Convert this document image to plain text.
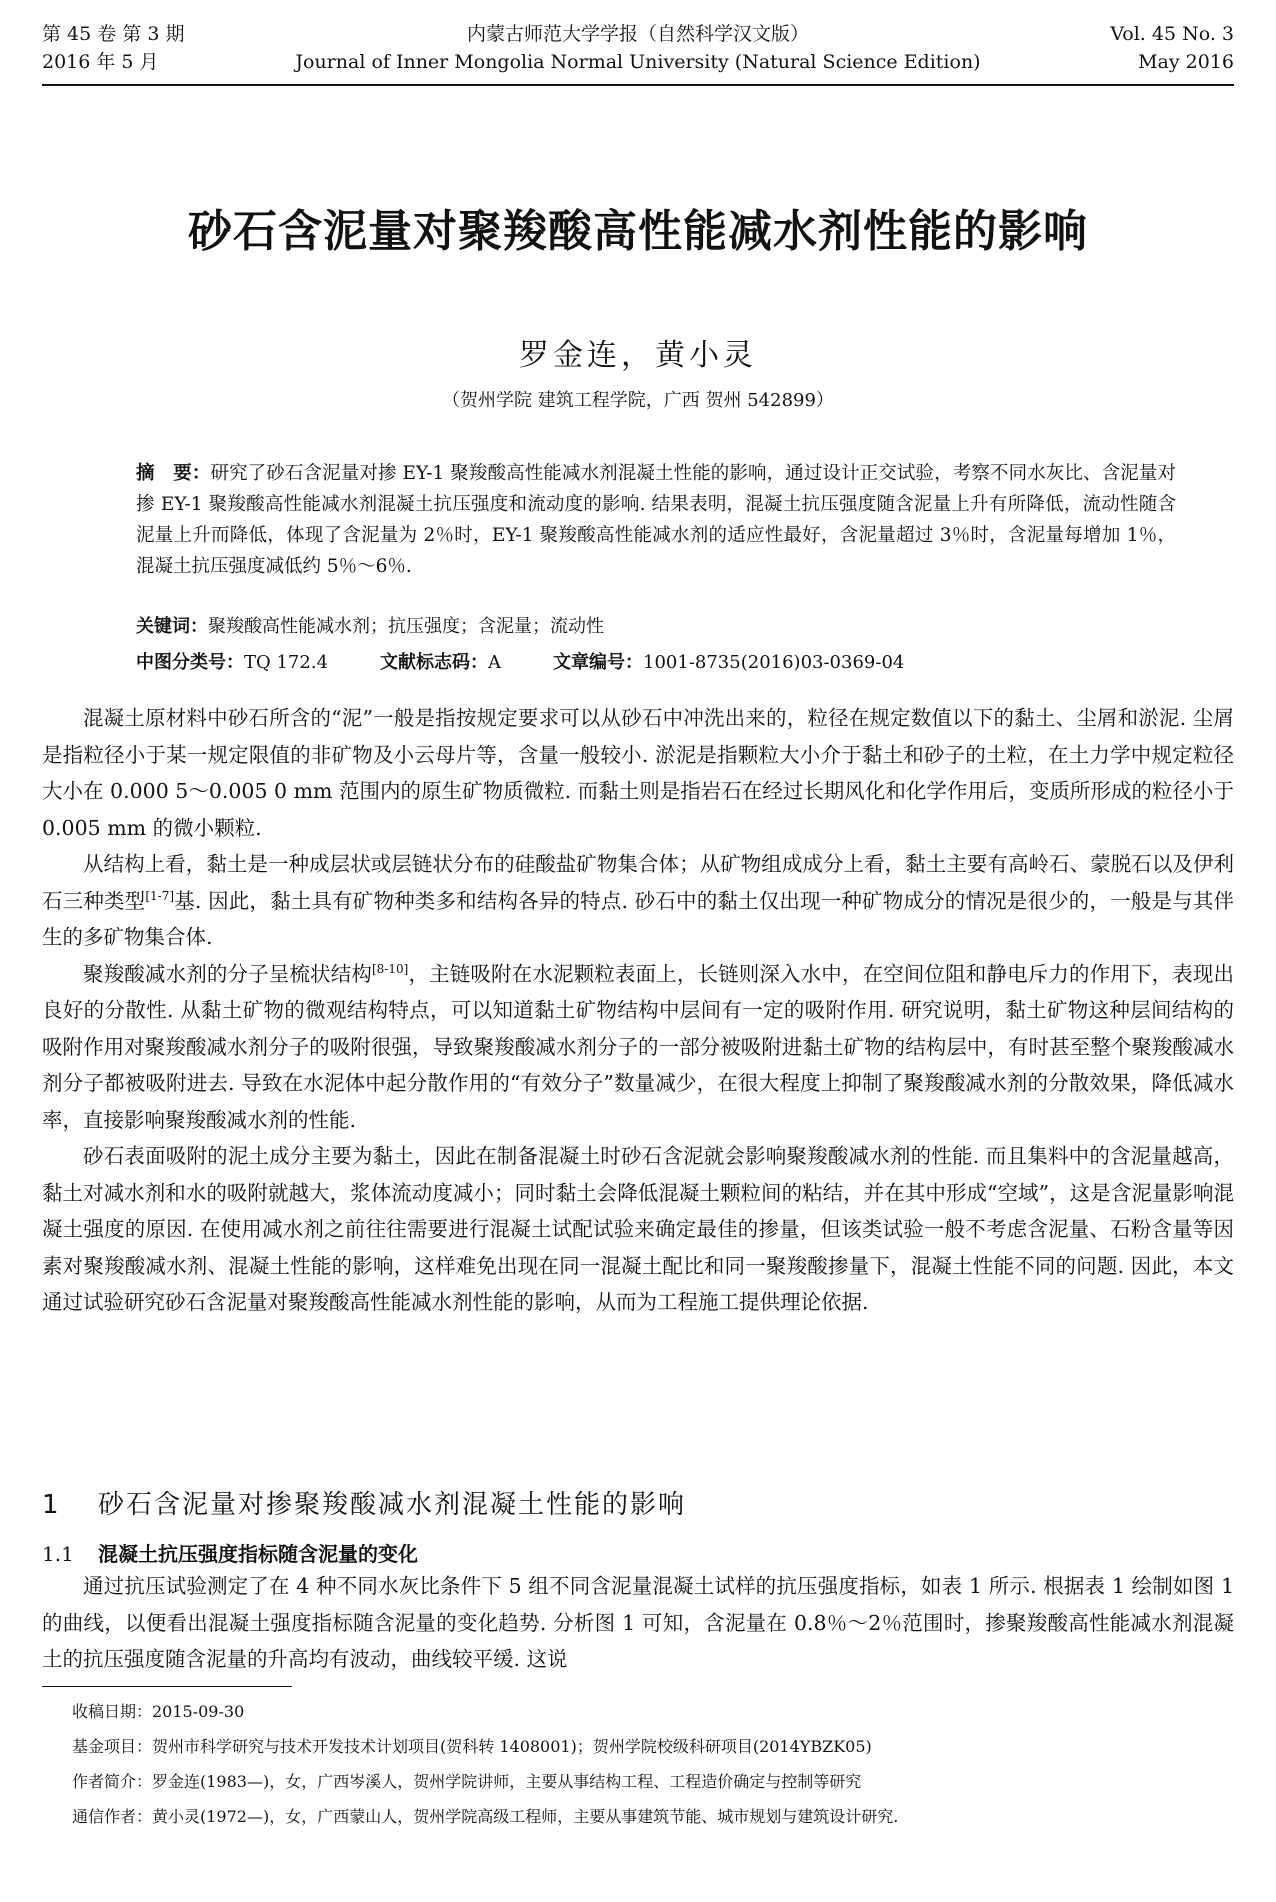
第 45 卷 第 3 期
2016 年 5 月
内蒙古师范大学学报（自然科学汉文版）
Journal of Inner Mongolia Normal University (Natural Science Edition)
Vol. 45 No. 3
May 2016
砂石含泥量对聚羧酸高性能减水剂性能的影响
罗金连，黄小灵
（贺州学院 建筑工程学院，广西 贺州 542899）

摘　要：研究了砂石含泥量对掺 EY-1 聚羧酸高性能减水剂混凝土性能的影响，通过设计正交试验，考察不同水灰比、含泥量对掺 EY-1 聚羧酸高性能减水剂混凝土抗压强度和流动度的影响. 结果表明，混凝土抗压强度随含泥量上升有所降低，流动性随含泥量上升而降低，体现了含泥量为 2％时，EY-1 聚羧酸高性能减水剂的适应性最好，含泥量超过 3％时，含泥量每增加 1％，混凝土抗压强度减低约 5％～6％.

关键词：聚羧酸高性能减水剂；抗压强度；含泥量；流动性
中图分类号：TQ 172.4	文献标志码：A	文章编号：1001-8735(2016)03-0369-04

混凝土原材料中砂石所含的“泥”一般是指按规定要求可以从砂石中冲洗出来的，粒径在规定数值以下的黏土、尘屑和淤泥. 尘屑是指粒径小于某一规定限值的非矿物及小云母片等，含量一般较小. 淤泥是指颗粒大小介于黏土和砂子的土粒，在土力学中规定粒径大小在 0.000 5～0.005 0 mm 范围内的原生矿物质微粒. 而黏土则是指岩石在经过长期风化和化学作用后，变质所形成的粒径小于 0.005 mm 的微小颗粒.

从结构上看，黏土是一种成层状或层链状分布的硅酸盐矿物集合体；从矿物组成成分上看，黏土主要有高岭石、蒙脱石以及伊利石三种类型[1-7]基. 因此，黏土具有矿物种类多和结构各异的特点. 砂石中的黏土仅出现一种矿物成分的情况是很少的，一般是与其伴生的多矿物集合体.

聚羧酸减水剂的分子呈梳状结构[8-10]，主链吸附在水泥颗粒表面上，长链则深入水中，在空间位阻和静电斥力的作用下，表现出良好的分散性. 从黏土矿物的微观结构特点，可以知道黏土矿物结构中层间有一定的吸附作用. 研究说明，黏土矿物这种层间结构的吸附作用对聚羧酸减水剂分子的吸附很强，导致聚羧酸减水剂分子的一部分被吸附进黏土矿物的结构层中，有时甚至整个聚羧酸减水剂分子都被吸附进去. 导致在水泥体中起分散作用的“有效分子”数量减少，在很大程度上抑制了聚羧酸减水剂的分散效果，降低减水率，直接影响聚羧酸减水剂的性能.

砂石表面吸附的泥土成分主要为黏土，因此在制备混凝土时砂石含泥就会影响聚羧酸减水剂的性能. 而且集料中的含泥量越高，黏土对减水剂和水的吸附就越大，浆体流动度减小；同时黏土会降低混凝土颗粒间的粘结，并在其中形成“空域”，这是含泥量影响混凝土强度的原因. 在使用减水剂之前往往需要进行混凝土试配试验来确定最佳的掺量，但该类试验一般不考虑含泥量、石粉含量等因素对聚羧酸减水剂、混凝土性能的影响，这样难免出现在同一混凝土配比和同一聚羧酸掺量下，混凝土性能不同的问题. 因此，本文通过试验研究砂石含泥量对聚羧酸高性能减水剂性能的影响，从而为工程施工提供理论依据.

1 砂石含泥量对掺聚羧酸减水剂混凝土性能的影响
1.1 混凝土抗压强度指标随含泥量的变化

通过抗压试验测定了在 4 种不同水灰比条件下 5 组不同含泥量混凝土试样的抗压强度指标，如表 1 所示. 根据表 1 绘制如图 1 的曲线，以便看出混凝土强度指标随含泥量的变化趋势. 分析图 1 可知，含泥量在 0.8％～2％范围时，掺聚羧酸高性能减水剂混凝土的抗压强度随含泥量的升高均有波动，曲线较平缓. 这说

收稿日期：2015-09-30
基金项目：贺州市科学研究与技术开发技术计划项目(贺科转 1408001)；贺州学院校级科研项目(2014YBZK05)
作者简介：罗金连(1983—)，女，广西岑溪人，贺州学院讲师，主要从事结构工程、工程造价确定与控制等研究
通信作者：黄小灵(1972—)，女，广西蒙山人，贺州学院高级工程师，主要从事建筑节能、城市规划与建筑设计研究.
